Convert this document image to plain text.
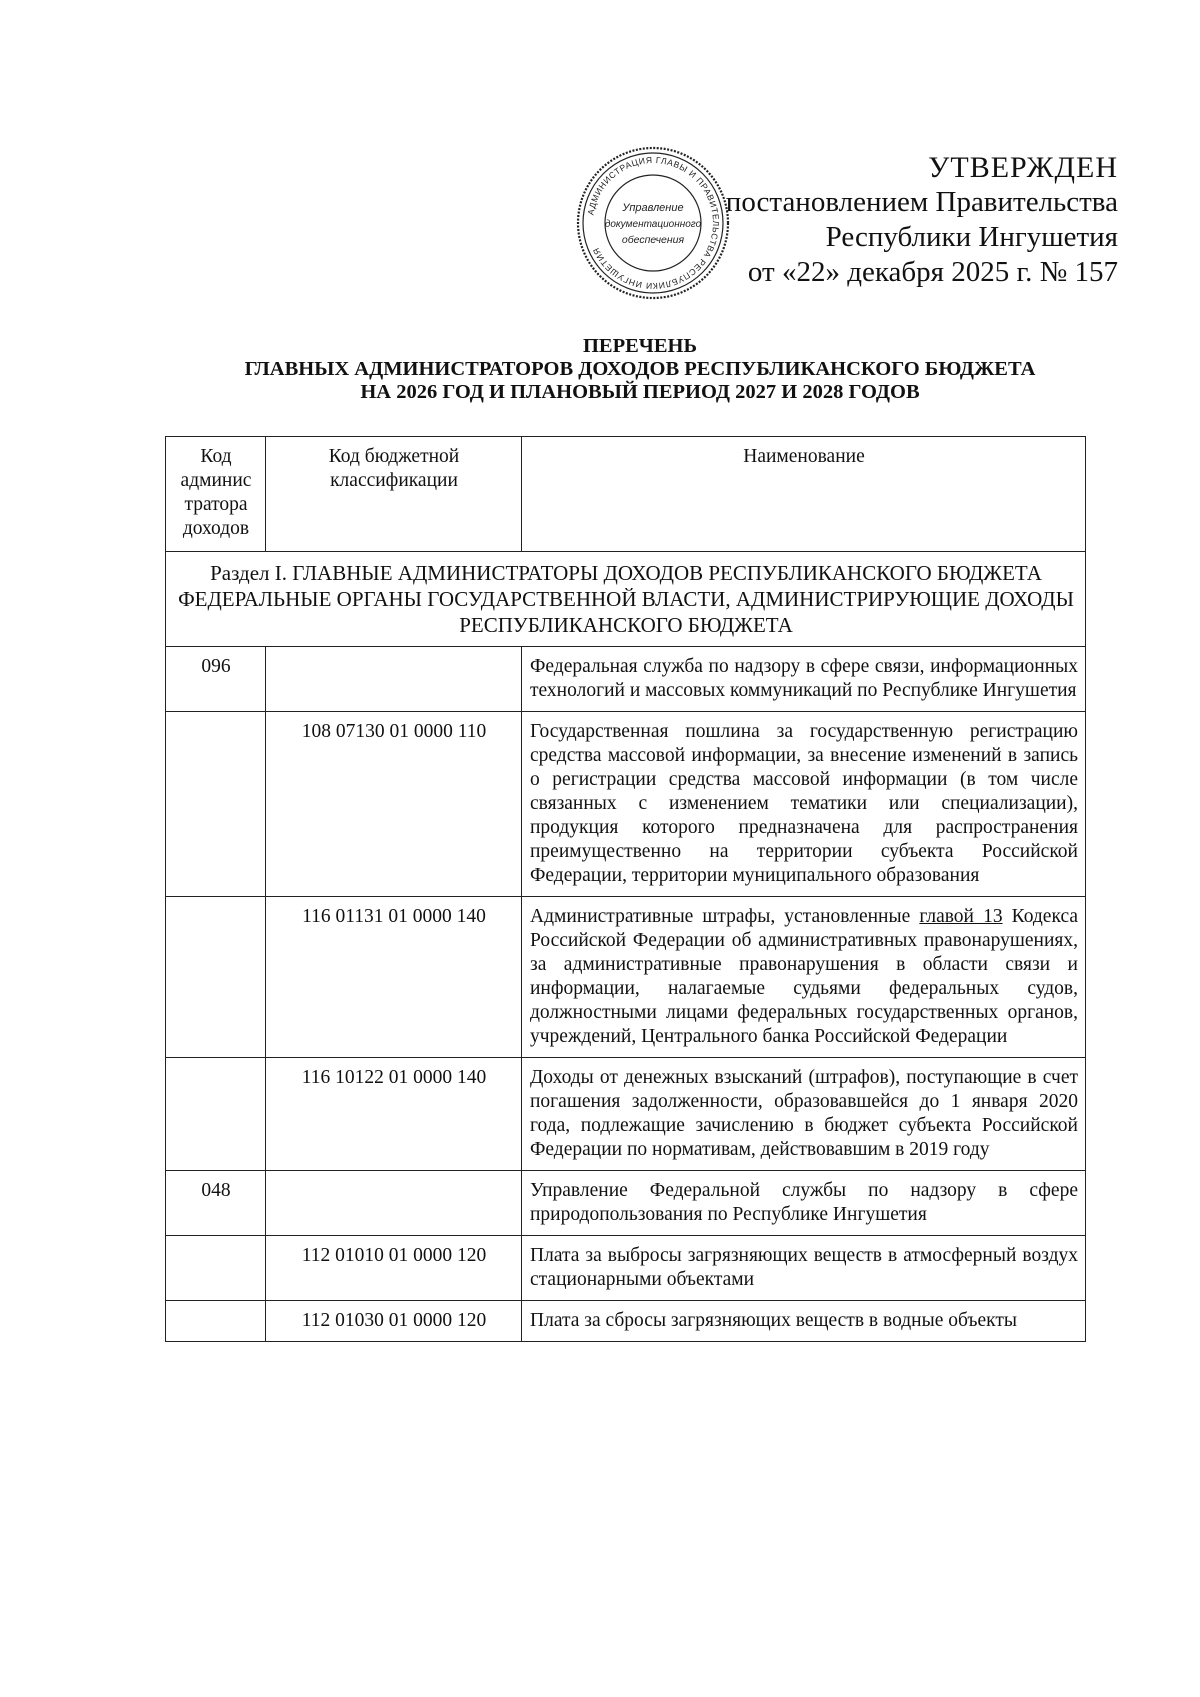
АДМИНИСТРАЦИЯ ГЛАВЫ И ПРАВИТЕЛЬСТВА РЕСПУБЛИКИ ИНГУШЕТИЯ
Управление
документационного
обеспечения
УТВЕРЖДЕН
постановлением Правительства
Республики Ингушетия
от «22» декабря 2025 г. № 157
ПЕРЕЧЕНЬ
ГЛАВНЫХ АДМИНИСТРАТОРОВ ДОХОДОВ РЕСПУБЛИКАНСКОГО БЮДЖЕТА
НА 2026 ГОД И ПЛАНОВЫЙ ПЕРИОД 2027 И 2028 ГОДОВ
Код админис тратора доходов	Код бюджетной классификации	Наименование
Раздел I. ГЛАВНЫЕ АДМИНИСТРАТОРЫ ДОХОДОВ РЕСПУБЛИКАНСКОГО БЮДЖЕТА ФЕДЕРАЛЬНЫЕ ОРГАНЫ ГОСУДАРСТВЕННОЙ ВЛАСТИ, АДМИНИСТРИРУЮЩИЕ ДОХОДЫ РЕСПУБЛИКАНСКОГО БЮДЖЕТА		
096		Федеральная служба по надзору в сфере связи, информационных технологий и массовых коммуникаций по Республике Ингушетия
	108 07130 01 0000 110	Государственная пошлина за государственную регистрацию средства массовой информации, за внесение изменений в запись о регистрации средства массовой информации (в том числе связанных с изменением тематики или специализации), продукция которого предназначена для распространения преимущественно на территории субъекта Российской Федерации, территории муниципального образования
	116 01131 01 0000 140	Административные штрафы, установленные главой 13 Кодекса Российской Федерации об административных правонарушениях, за административные правонарушения в области связи и информации, налагаемые судьями федеральных судов, должностными лицами федеральных государственных органов, учреждений, Центрального банка Российской Федерации
	116 10122 01 0000 140	Доходы от денежных взысканий (штрафов), поступающие в счет погашения задолженности, образовавшейся до 1 января 2020 года, подлежащие зачислению в бюджет субъекта Российской Федерации по нормативам, действовавшим в 2019 году
048		Управление Федеральной службы по надзору в сфере природопользования по Республике Ингушетия
	112 01010 01 0000 120	Плата за выбросы загрязняющих веществ в атмосферный воздух стационарными объектами
	112 01030 01 0000 120	Плата за сбросы загрязняющих веществ в водные объекты
